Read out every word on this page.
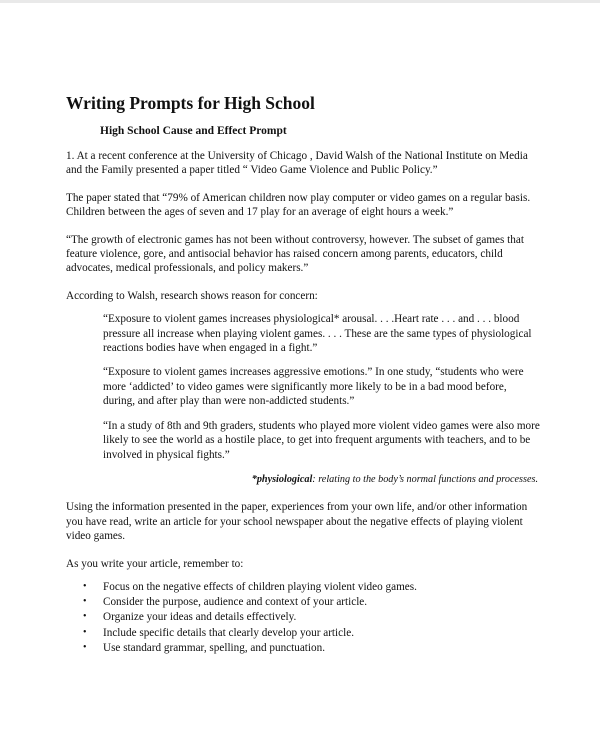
Writing Prompts for High School
High School Cause and Effect Prompt

1. At a recent conference at the University of Chicago , David Walsh of the National Institute on Media and the Family presented a paper titled “ Video Game Violence and Public Policy.”

The paper stated that “79% of American children now play computer or video games on a regular basis. Children between the ages of seven and 17 play for an average of eight hours a week.”

“The growth of electronic games has not been without controversy, however. The subset of games that feature violence, gore, and antisocial behavior has raised concern among parents, educators, child advocates, medical professionals, and policy makers.”

According to Walsh, research shows reason for concern:

“Exposure to violent games increases physiological* arousal. . . .Heart rate . . . and . . . blood pressure all increase when playing violent games. . . . These are the same types of physiological reactions bodies have when engaged in a fight.”

“Exposure to violent games increases aggressive emotions.” In one study, “students who were more ‘addicted’ to video games were significantly more likely to be in a bad mood before, during, and after play than were non-addicted students.”

“In a study of 8th and 9th graders, students who played more violent video games were also more likely to see the world as a hostile place, to get into frequent arguments with teachers, and to be involved in physical fights.”

*physiological: relating to the body’s normal functions and processes.

Using the information presented in the paper, experiences from your own life, and/or other information you have read, write an article for your school newspaper about the negative effects of playing violent video games.

As you write your article, remember to:

• Focus on the negative effects of children playing violent video games.
• Consider the purpose, audience and context of your article.
• Organize your ideas and details effectively.
• Include specific details that clearly develop your article.
• Use standard grammar, spelling, and punctuation.
